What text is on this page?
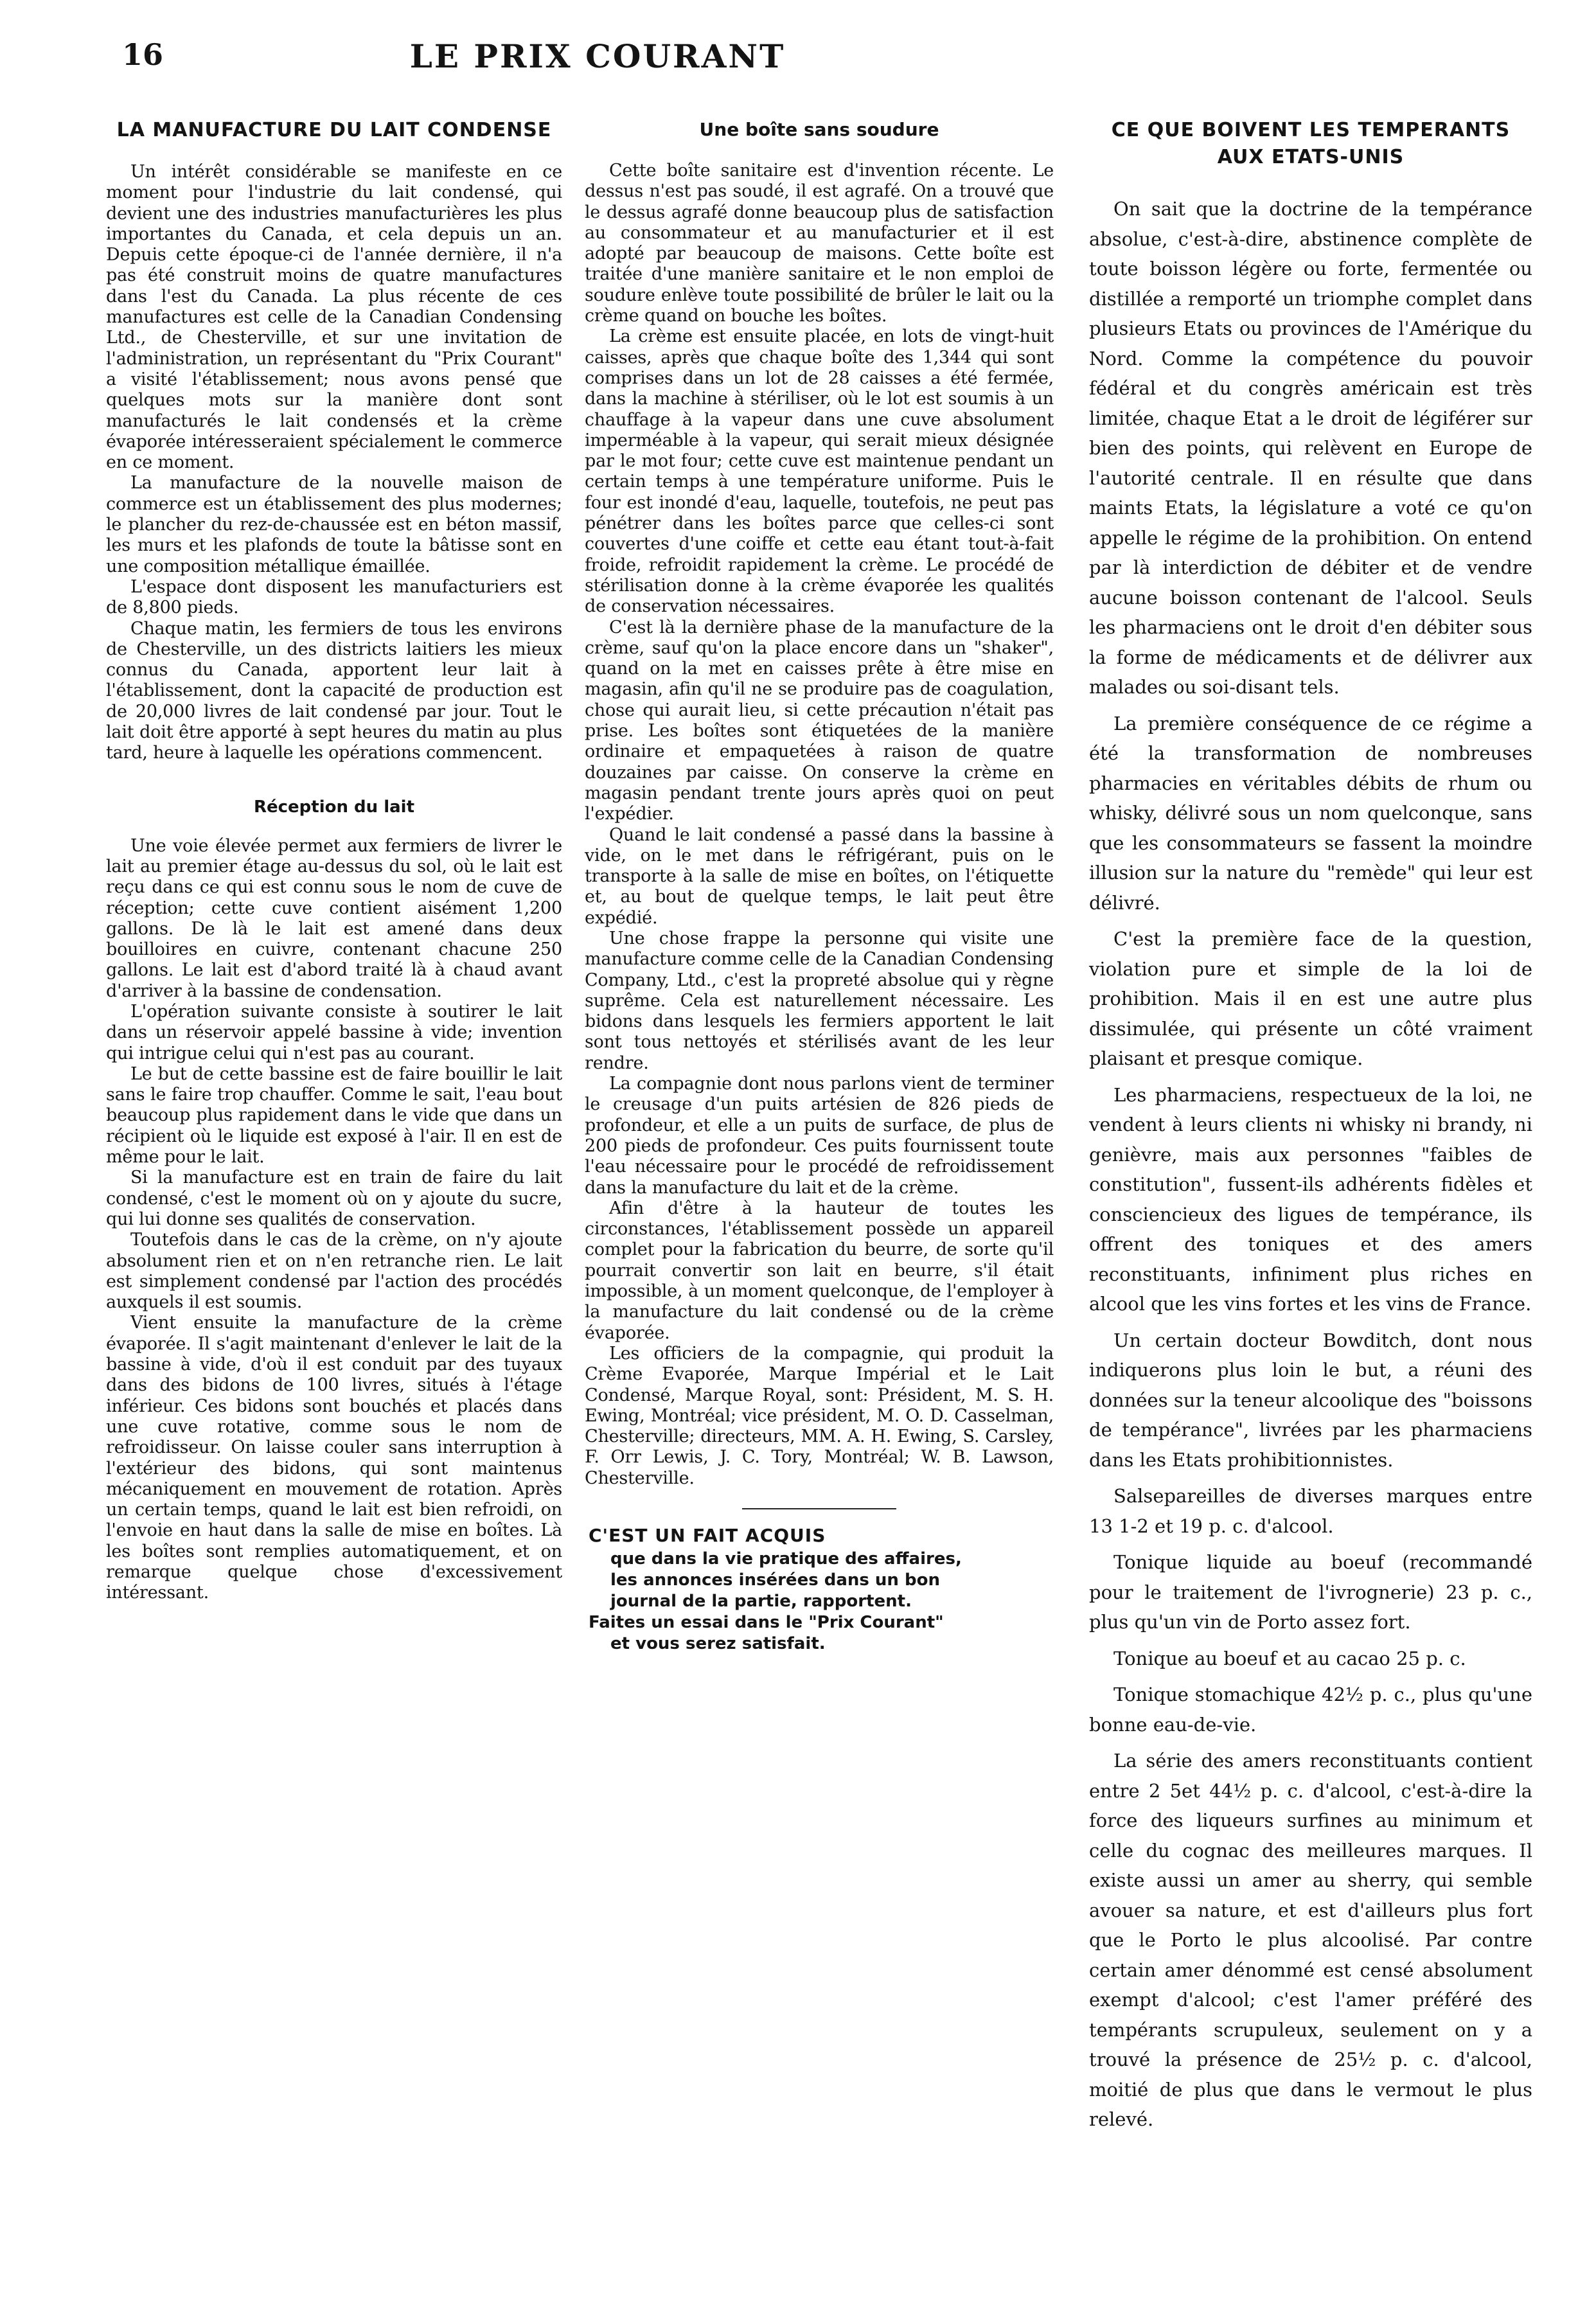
16	LE PRIX COURANT
LA MANUFACTURE DU LAIT CONDENSE

Un intérêt considérable se manifeste en ce moment pour l'industrie du lait condensé, qui devient une des industries manufacturières les plus importantes du Canada, et cela depuis un an. Depuis cette époque-ci de l'année dernière, il n'a pas été construit moins de quatre manufactures dans l'est du Canada. La plus récente de ces manufactures est celle de la Canadian Condensing Ltd., de Chesterville, et sur une invitation de l'administration, un représentant du "Prix Courant" a visité l'établissement; nous avons pensé que quelques mots sur la manière dont sont manufacturés le lait condensés et la crème évaporée intéresseraient spécialement le commerce en ce moment.

La manufacture de la nouvelle maison de commerce est un établissement des plus modernes; le plancher du rez-de-chaussée est en béton massif, les murs et les plafonds de toute la bâtisse sont en une composition métallique émaillée.

L'espace dont disposent les manufacturiers est de 8,800 pieds.

Chaque matin, les fermiers de tous les environs de Chesterville, un des districts laitiers les mieux connus du Canada, apportent leur lait à l'établissement, dont la capacité de production est de 20,000 livres de lait condensé par jour. Tout le lait doit être apporté à sept heures du matin au plus tard, heure à laquelle les opérations commencent.

Réception du lait

Une voie élevée permet aux fermiers de livrer le lait au premier étage au-dessus du sol, où le lait est reçu dans ce qui est connu sous le nom de cuve de réception; cette cuve contient aisément 1,200 gallons. De là le lait est amené dans deux bouilloires en cuivre, contenant chacune 250 gallons. Le lait est d'abord traité là à chaud avant d'arriver à la bassine de condensation.

L'opération suivante consiste à soutirer le lait dans un réservoir appelé bassine à vide; invention qui intrigue celui qui n'est pas au courant.

Le but de cette bassine est de faire bouillir le lait sans le faire trop chauffer. Comme le sait, l'eau bout beaucoup plus rapidement dans le vide que dans un récipient où le liquide est exposé à l'air. Il en est de même pour le lait.

Si la manufacture est en train de faire du lait condensé, c'est le moment où on y ajoute du sucre, qui lui donne ses qualités de conservation.

Toutefois dans le cas de la crème, on n'y ajoute absolument rien et on n'en retranche rien. Le lait est simplement condensé par l'action des procédés auxquels il est soumis.

Vient ensuite la manufacture de la crème évaporée. Il s'agit maintenant d'enlever le lait de la bassine à vide, d'où il est conduit par des tuyaux dans des bidons de 100 livres, situés à l'étage inférieur. Ces bidons sont bouchés et placés dans une cuve rotative, comme sous le nom de refroidisseur. On laisse couler sans interruption à l'extérieur des bidons, qui sont maintenus mécaniquement en mouvement de rotation. Après un certain temps, quand le lait est bien refroidi, on l'envoie en haut dans la salle de mise en boîtes. Là les boîtes sont remplies automatiquement, et on remarque quelque chose d'excessivement intéressant.

Une boîte sans soudure

Cette boîte sanitaire est d'invention récente. Le dessus n'est pas soudé, il est agrafé. On a trouvé que le dessus agrafé donne beaucoup plus de satisfaction au consommateur et au manufacturier et il est adopté par beaucoup de maisons. Cette boîte est traitée d'une manière sanitaire et le non emploi de soudure enlève toute possibilité de brûler le lait ou la crème quand on bouche les boîtes.

La crème est ensuite placée, en lots de vingt-huit caisses, après que chaque boîte des 1,344 qui sont comprises dans un lot de 28 caisses a été fermée, dans la machine à stériliser, où le lot est soumis à un chauffage à la vapeur dans une cuve absolument imperméable à la vapeur, qui serait mieux désignée par le mot four; cette cuve est maintenue pendant un certain temps à une température uniforme. Puis le four est inondé d'eau, laquelle, toutefois, ne peut pas pénétrer dans les boîtes parce que celles-ci sont couvertes d'une coiffe et cette eau étant tout-à-fait froide, refroidit rapidement la crème. Le procédé de stérilisation donne à la crème évaporée les qualités de conservation nécessaires.

C'est là la dernière phase de la manufacture de la crème, sauf qu'on la place encore dans un "shaker", quand on la met en caisses prête à être mise en magasin, afin qu'il ne se produire pas de coagulation, chose qui aurait lieu, si cette précaution n'était pas prise. Les boîtes sont étiquetées de la manière ordinaire et empaquetées à raison de quatre douzaines par caisse. On conserve la crème en magasin pendant trente jours après quoi on peut l'expédier.

Quand le lait condensé a passé dans la bassine à vide, on le met dans le réfrigérant, puis on le transporte à la salle de mise en boîtes, on l'étiquette et, au bout de quelque temps, le lait peut être expédié.

Une chose frappe la personne qui visite une manufacture comme celle de la Canadian Condensing Company, Ltd., c'est la propreté absolue qui y règne suprême. Cela est naturellement nécessaire. Les bidons dans lesquels les fermiers apportent le lait sont tous nettoyés et stérilisés avant de les leur rendre.

La compagnie dont nous parlons vient de terminer le creusage d'un puits artésien de 826 pieds de profondeur, et elle a un puits de surface, de plus de 200 pieds de profondeur. Ces puits fournissent toute l'eau nécessaire pour le procédé de refroidissement dans la manufacture du lait et de la crème.

Afin d'être à la hauteur de toutes les circonstances, l'établissement possède un appareil complet pour la fabrication du beurre, de sorte qu'il pourrait convertir son lait en beurre, s'il était impossible, à un moment quelconque, de l'employer à la manufacture du lait condensé ou de la crème évaporée.

Les officiers de la compagnie, qui produit la Crème Evaporée, Marque Impérial et le Lait Condensé, Marque Royal, sont: Président, M. S. H. Ewing, Montréal; vice président, M. O. D. Casselman, Chesterville; directeurs, MM. A. H. Ewing, S. Carsley, F. Orr Lewis, J. C. Tory, Montréal; W. B. Lawson, Chesterville.

C'EST UN FAIT ACQUIS
que dans la vie pratique des affaires,
les annonces insérées dans un bon
journal de la partie, rapportent.
Faites un essai dans le "Prix Courant"
et vous serez satisfait.
CE QUE BOIVENT LES TEMPERANTS AUX ETATS-UNIS

On sait que la doctrine de la tempérance absolue, c'est-à-dire, abstinence complète de toute boisson légère ou forte, fermentée ou distillée a remporté un triomphe complet dans plusieurs Etats ou provinces de l'Amérique du Nord. Comme la compétence du pouvoir fédéral et du congrès américain est très limitée, chaque Etat a le droit de légiférer sur bien des points, qui relèvent en Europe de l'autorité centrale. Il en résulte que dans maints Etats, la législature a voté ce qu'on appelle le régime de la prohibition. On entend par là interdiction de débiter et de vendre aucune boisson contenant de l'alcool. Seuls les pharmaciens ont le droit d'en débiter sous la forme de médicaments et de délivrer aux malades ou soi-disant tels.

La première conséquence de ce régime a été la transformation de nombreuses pharmacies en véritables débits de rhum ou whisky, délivré sous un nom quelconque, sans que les consommateurs se fassent la moindre illusion sur la nature du "remède" qui leur est délivré.

C'est la première face de la question, violation pure et simple de la loi de prohibition. Mais il en est une autre plus dissimulée, qui présente un côté vraiment plaisant et presque comique.

Les pharmaciens, respectueux de la loi, ne vendent à leurs clients ni whisky ni brandy, ni genièvre, mais aux personnes "faibles de constitution", fussent-ils adhérents fidèles et consciencieux des ligues de tempérance, ils offrent des toniques et des amers reconstituants, infiniment plus riches en alcool que les vins fortes et les vins de France.

Un certain docteur Bowditch, dont nous indiquerons plus loin le but, a réuni des données sur la teneur alcoolique des "boissons de tempérance", livrées par les pharmaciens dans les Etats prohibitionnistes.

Salsepareilles de diverses marques entre 13 1-2 et 19 p. c. d'alcool.

Tonique liquide au boeuf (recommandé pour le traitement de l'ivrognerie) 23 p. c., plus qu'un vin de Porto assez fort.

Tonique au boeuf et au cacao 25 p. c.

Tonique stomachique 42½ p. c., plus qu'une bonne eau-de-vie.

La série des amers reconstituants contient entre 2 5et 44½ p. c. d'alcool, c'est-à-dire la force des liqueurs surfines au minimum et celle du cognac des meilleures marques. Il existe aussi un amer au sherry, qui semble avouer sa nature, et est d'ailleurs plus fort que le Porto le plus alcoolisé. Par contre certain amer dénommé est censé absolument exempt d'alcool; c'est l'amer préféré des tempérants scrupuleux, seulement on y a trouvé la présence de 25½ p. c. d'alcool, moitié de plus que dans le vermout le plus relevé.
